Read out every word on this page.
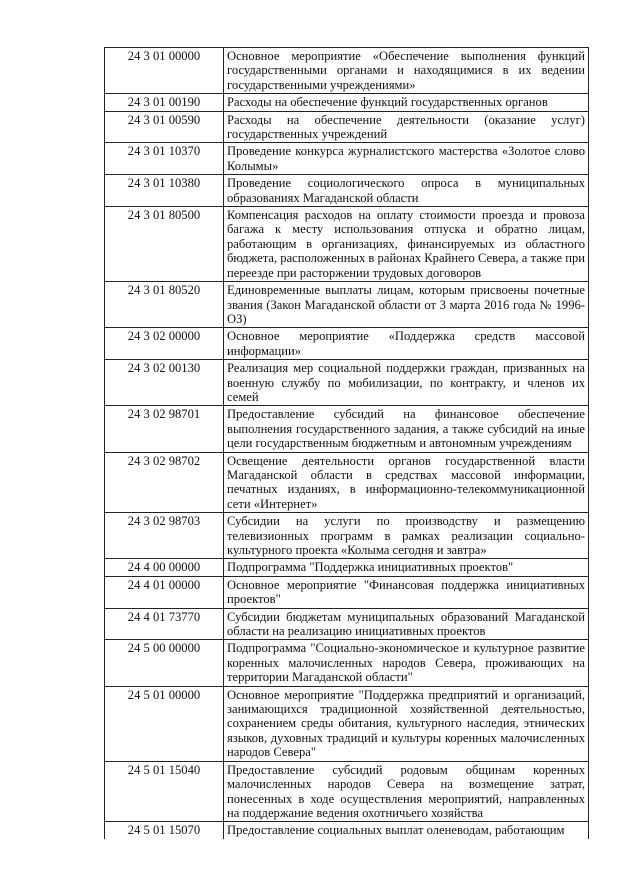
24 3 01 00000	Основное мероприятие «Обеспечение выполнения функций государственными органами и находящимися в их ведении государственными учреждениями»
24 3 01 00190	Расходы на обеспечение функций государственных органов
24 3 01 00590	Расходы на обеспечение деятельности (оказание услуг) государственных учреждений
24 3 01 10370	Проведение конкурса журналистского мастерства «Золотое слово Колымы»
24 3 01 10380	Проведение социологического опроса в муниципальных образованиях Магаданской области
24 3 01 80500	Компенсация расходов на оплату стоимости проезда и провоза багажа к месту использования отпуска и обратно лицам, работающим в организациях, финансируемых из областного бюджета, расположенных в районах Крайнего Севера, а также при переезде при расторжении трудовых договоров
24 3 01 80520	Единовременные выплаты лицам, которым присвоены почетные звания (Закон Магаданской области от 3 марта 2016 года № 1996-ОЗ)
24 3 02 00000	Основное мероприятие «Поддержка средств массовой информации»
24 3 02 00130	Реализация мер социальной поддержки граждан, призванных на военную службу по мобилизации, по контракту, и членов их семей
24 3 02 98701	Предоставление субсидий на финансовое обеспечение выполнения государственного задания, а также субсидий на иные цели государственным бюджетным и автономным учреждениям
24 3 02 98702	Освещение деятельности органов государственной власти Магаданской области в средствах массовой информации, печатных изданиях, в информационно-телекоммуникационной сети «Интернет»
24 3 02 98703	Субсидии на услуги по производству и размещению телевизионных программ в рамках реализации социально-культурного проекта «Колыма сегодня и завтра»
24 4 00 00000	Подпрограмма "Поддержка инициативных проектов"
24 4 01 00000	Основное мероприятие "Финансовая поддержка инициативных проектов"
24 4 01 73770	Субсидии бюджетам муниципальных образований Магаданской области на реализацию инициативных проектов
24 5 00 00000	Подпрограмма "Социально-экономическое и культурное развитие коренных малочисленных народов Севера, проживающих на территории Магаданской области"
24 5 01 00000	Основное мероприятие "Поддержка предприятий и организаций, занимающихся традиционной хозяйственной деятельностью, сохранением среды обитания, культурного наследия, этнических языков, духовных традиций и культуры коренных малочисленных народов Севера"
24 5 01 15040	Предоставление субсидий родовым общинам коренных малочисленных народов Севера на возмещение затрат, понесенных в ходе осуществления мероприятий, направленных на поддержание ведения охотничьего хозяйства
24 5 01 15070	Предоставление социальных выплат оленеводам, работающим
